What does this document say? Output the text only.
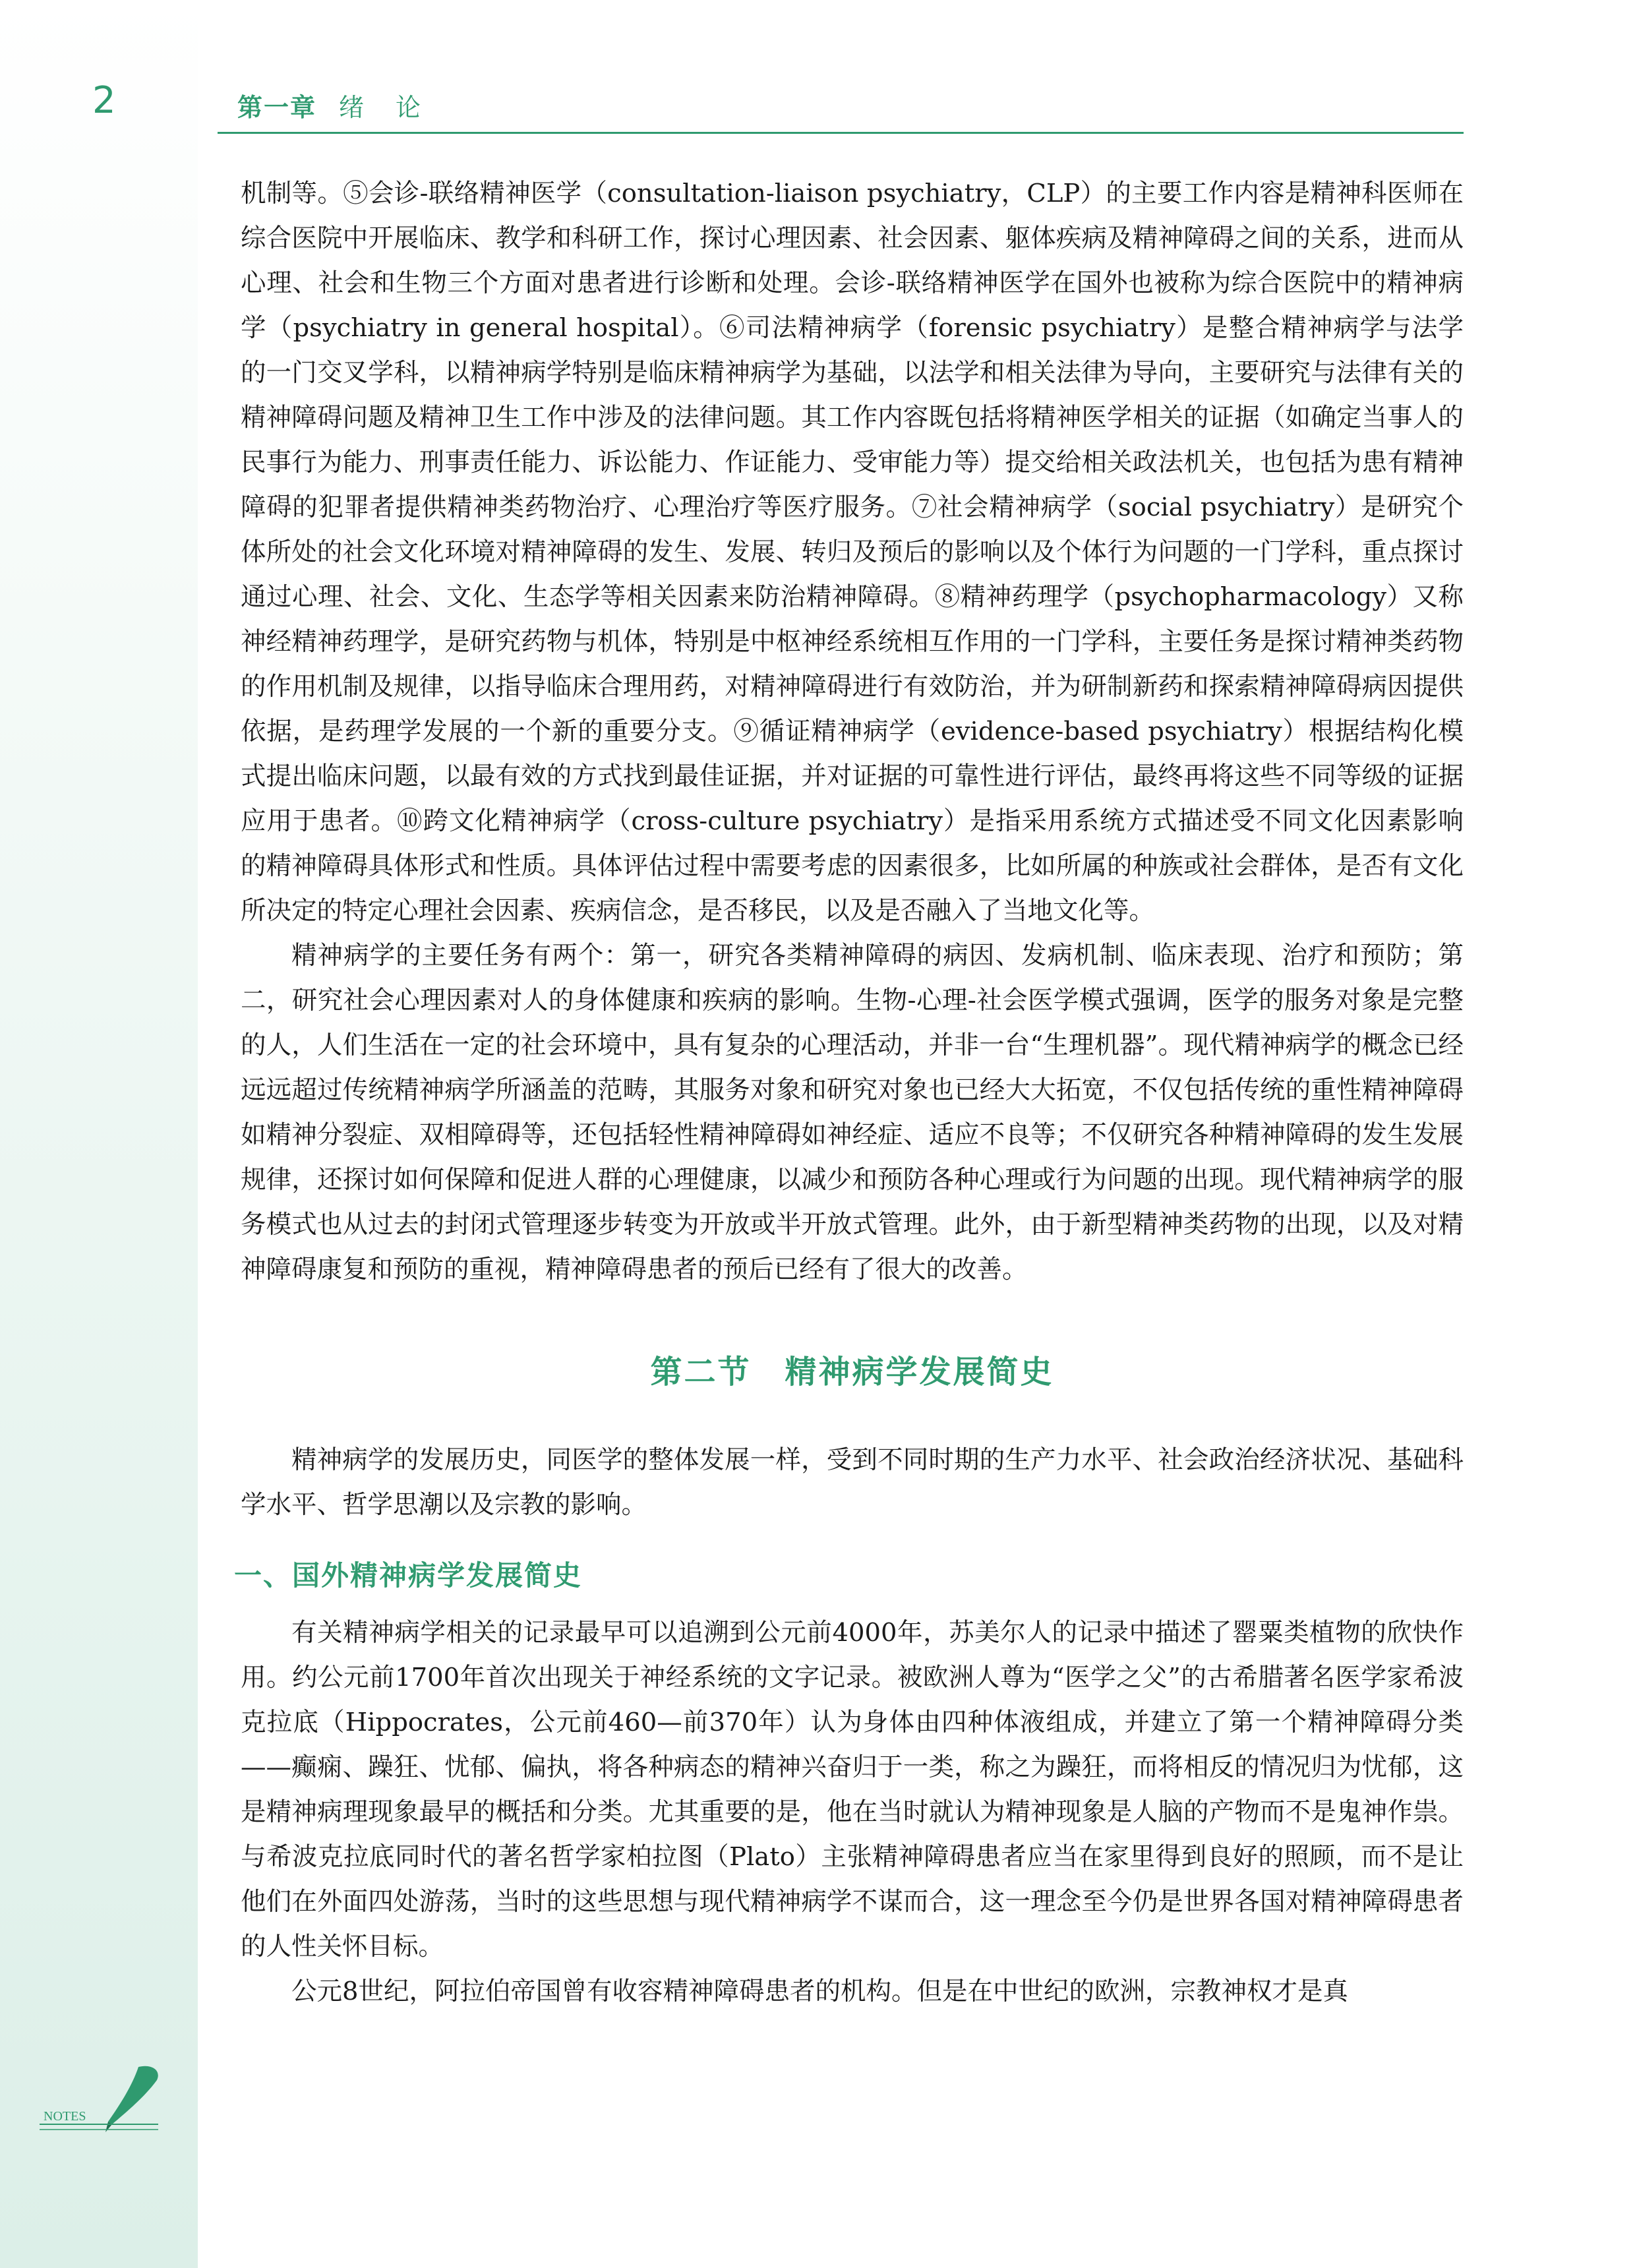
2	第一章 绪论

机制等。⑤会诊-联络精神医学（consultation-liaison psychiatry，CLP）的主要工作内容是精神科医师在综合医院中开展临床、教学和科研工作，探讨心理因素、社会因素、躯体疾病及精神障碍之间的关系，进而从心理、社会和生物三个方面对患者进行诊断和处理。会诊-联络精神医学在国外也被称为综合医院中的精神病学（psychiatry in general hospital）。⑥司法精神病学（forensic psychiatry）是整合精神病学与法学的一门交叉学科，以精神病学特别是临床精神病学为基础，以法学和相关法律为导向，主要研究与法律有关的精神障碍问题及精神卫生工作中涉及的法律问题。其工作内容既包括将精神医学相关的证据（如确定当事人的民事行为能力、刑事责任能力、诉讼能力、作证能力、受审能力等）提交给相关政法机关，也包括为患有精神障碍的犯罪者提供精神类药物治疗、心理治疗等医疗服务。⑦社会精神病学（social psychiatry）是研究个体所处的社会文化环境对精神障碍的发生、发展、转归及预后的影响以及个体行为问题的一门学科，重点探讨通过心理、社会、文化、生态学等相关因素来防治精神障碍。⑧精神药理学（psychopharmacology）又称神经精神药理学，是研究药物与机体，特别是中枢神经系统相互作用的一门学科，主要任务是探讨精神类药物的作用机制及规律，以指导临床合理用药，对精神障碍进行有效防治，并为研制新药和探索精神障碍病因提供依据，是药理学发展的一个新的重要分支。⑨循证精神病学（evidence-based psychiatry）根据结构化模式提出临床问题，以最有效的方式找到最佳证据，并对证据的可靠性进行评估，最终再将这些不同等级的证据应用于患者。⑩跨文化精神病学（cross-culture psychiatry）是指采用系统方式描述受不同文化因素影响的精神障碍具体形式和性质。具体评估过程中需要考虑的因素很多，比如所属的种族或社会群体，是否有文化所决定的特定心理社会因素、疾病信念，是否移民，以及是否融入了当地文化等。

精神病学的主要任务有两个：第一，研究各类精神障碍的病因、发病机制、临床表现、治疗和预防；第二，研究社会心理因素对人的身体健康和疾病的影响。生物-心理-社会医学模式强调，医学的服务对象是完整的人，人们生活在一定的社会环境中，具有复杂的心理活动，并非一台“生理机器”。现代精神病学的概念已经远远超过传统精神病学所涵盖的范畴，其服务对象和研究对象也已经大大拓宽，不仅包括传统的重性精神障碍如精神分裂症、双相障碍等，还包括轻性精神障碍如神经症、适应不良等；不仅研究各种精神障碍的发生发展规律，还探讨如何保障和促进人群的心理健康，以减少和预防各种心理或行为问题的出现。现代精神病学的服务模式也从过去的封闭式管理逐步转变为开放或半开放式管理。此外，由于新型精神类药物的出现，以及对精神障碍康复和预防的重视，精神障碍患者的预后已经有了很大的改善。

第二节　精神病学发展简史

精神病学的发展历史，同医学的整体发展一样，受到不同时期的生产力水平、社会政治经济状况、基础科学水平、哲学思潮以及宗教的影响。

一、国外精神病学发展简史

有关精神病学相关的记录最早可以追溯到公元前4000年，苏美尔人的记录中描述了罂粟类植物的欣快作用。约公元前1700年首次出现关于神经系统的文字记录。被欧洲人尊为“医学之父”的古希腊著名医学家希波克拉底（Hippocrates，公元前460—前370年）认为身体由四种体液组成，并建立了第一个精神障碍分类——癫痫、躁狂、忧郁、偏执，将各种病态的精神兴奋归于一类，称之为躁狂，而将相反的情况归为忧郁，这是精神病理现象最早的概括和分类。尤其重要的是，他在当时就认为精神现象是人脑的产物而不是鬼神作祟。与希波克拉底同时代的著名哲学家柏拉图（Plato）主张精神障碍患者应当在家里得到良好的照顾，而不是让他们在外面四处游荡，当时的这些思想与现代精神病学不谋而合，这一理念至今仍是世界各国对精神障碍患者的人性关怀目标。

公元8世纪，阿拉伯帝国曾有收容精神障碍患者的机构。但是在中世纪的欧洲，宗教神权才是真

NOTES
